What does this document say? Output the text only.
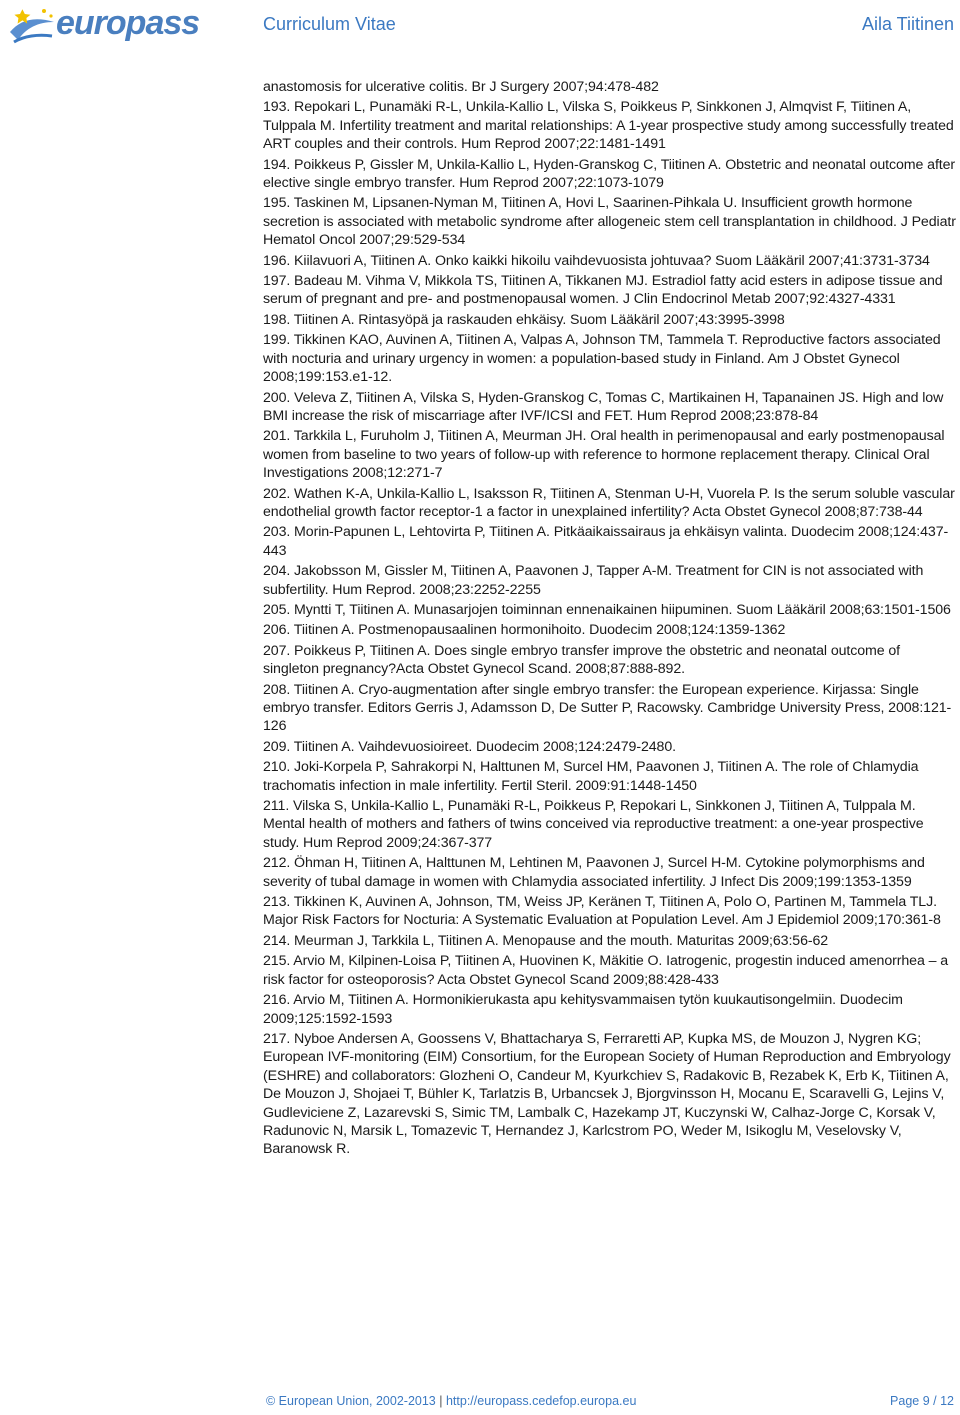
europass	Curriculum Vitae	Aila Tiitinen

anastomosis for ulcerative colitis. Br J Surgery 2007;94:478-482

193. Repokari L, Punamäki R-L, Unkila-Kallio L, Vilska S, Poikkeus P, Sinkkonen J, Almqvist F, Tiitinen A, Tulppala M. Infertility treatment and marital relationships: A 1-year prospective study among successfully treated ART couples and their controls. Hum Reprod 2007;22:1481-1491

194. Poikkeus P, Gissler M, Unkila-Kallio L, Hyden-Granskog C, Tiitinen A. Obstetric and neonatal outcome after elective single embryo transfer. Hum Reprod 2007;22:1073-1079

195. Taskinen M, Lipsanen-Nyman M, Tiitinen A, Hovi L, Saarinen-Pihkala U. Insufficient growth hormone secretion is associated with metabolic syndrome after allogeneic stem cell transplantation in childhood. J Pediatr Hematol Oncol 2007;29:529-534

196. Kiilavuori A, Tiitinen A. Onko kaikki hikoilu vaihdevuosista johtuvaa? Suom Lääkäril 2007;41:3731-3734

197. Badeau M. Vihma V, Mikkola TS, Tiitinen A, Tikkanen MJ. Estradiol fatty acid esters in adipose tissue and serum of pregnant and pre- and postmenopausal women. J Clin Endocrinol Metab 2007;92:4327-4331

198. Tiitinen A. Rintasyöpä ja raskauden ehkäisy. Suom Lääkäril 2007;43:3995-3998

199. Tikkinen KAO, Auvinen A, Tiitinen A, Valpas A, Johnson TM, Tammela T. Reproductive factors associated with nocturia and urinary urgency in women: a population-based study in Finland. Am J Obstet Gynecol 2008;199:153.e1-12.

200. Veleva Z, Tiitinen A, Vilska S, Hyden-Granskog C, Tomas C, Martikainen H, Tapanainen JS. High and low BMI increase the risk of miscarriage after IVF/ICSI and FET. Hum Reprod 2008;23:878-84

201. Tarkkila L, Furuholm J, Tiitinen A, Meurman JH. Oral health in perimenopausal and early postmenopausal women from baseline to two years of follow-up with reference to hormone replacement therapy. Clinical Oral Investigations 2008;12:271-7

202. Wathen K-A, Unkila-Kallio L, Isaksson R, Tiitinen A, Stenman U-H, Vuorela P. Is the serum soluble vascular endothelial growth factor receptor-1 a factor in unexplained infertility? Acta Obstet Gynecol 2008;87:738-44

203. Morin-Papunen L, Lehtovirta P, Tiitinen A. Pitkäaikaissairaus ja ehkäisyn valinta. Duodecim 2008;124:437-443

204. Jakobsson M, Gissler M, Tiitinen A, Paavonen J, Tapper A-M. Treatment for CIN is not associated with subfertility. Hum Reprod. 2008;23:2252-2255

205. Myntti T, Tiitinen A. Munasarjojen toiminnan ennenaikainen hiipuminen. Suom Lääkäril 2008;63:1501-1506

206. Tiitinen A. Postmenopausaalinen hormonihoito. Duodecim 2008;124:1359-1362

207. Poikkeus P, Tiitinen A. Does single embryo transfer improve the obstetric and neonatal outcome of singleton pregnancy?Acta Obstet Gynecol Scand. 2008;87:888-892.

208. Tiitinen A. Cryo-augmentation after single embryo transfer: the European experience. Kirjassa: Single embryo transfer. Editors Gerris J, Adamsson D, De Sutter P, Racowsky. Cambridge University Press, 2008:121-126

209. Tiitinen A. Vaihdevuosioireet. Duodecim 2008;124:2479-2480.

210. Joki-Korpela P, Sahrakorpi N, Halttunen M, Surcel HM, Paavonen J, Tiitinen A. The role of Chlamydia trachomatis infection in male infertility. Fertil Steril. 2009:91:1448-1450

211. Vilska S, Unkila-Kallio L, Punamäki R-L, Poikkeus P, Repokari L, Sinkkonen J, Tiitinen A, Tulppala M. Mental health of mothers and fathers of twins conceived via reproductive treatment: a one-year prospective study. Hum Reprod 2009;24:367-377

212. Öhman H, Tiitinen A, Halttunen M, Lehtinen M, Paavonen J, Surcel H-M. Cytokine polymorphisms and severity of tubal damage in women with Chlamydia associated infertility. J Infect Dis 2009;199:1353-1359

213. Tikkinen K, Auvinen A, Johnson, TM, Weiss JP, Keränen T, Tiitinen A, Polo O, Partinen M, Tammela TLJ. Major Risk Factors for Nocturia: A Systematic Evaluation at Population Level. Am J Epidemiol 2009;170:361-8

214. Meurman J, Tarkkila L, Tiitinen A. Menopause and the mouth. Maturitas 2009;63:56-62

215. Arvio M, Kilpinen-Loisa P, Tiitinen A, Huovinen K, Mäkitie O. Iatrogenic, progestin induced amenorrhea – a risk factor for osteoporosis? Acta Obstet Gynecol Scand 2009;88:428-433

216. Arvio M, Tiitinen A. Hormonikierukasta apu kehitysvammaisen tytön kuukautisongelmiin. Duodecim 2009;125:1592-1593

217. Nyboe Andersen A, Goossens V, Bhattacharya S, Ferraretti AP, Kupka MS, de Mouzon J, Nygren KG; European IVF-monitoring (EIM) Consortium, for the European Society of Human Reproduction and Embryology (ESHRE) and collaborators: Glozheni O, Candeur M, Kyurkchiev S, Radakovic B, Rezabek K, Erb K, Tiitinen A, De Mouzon J, Shojaei T, Bühler K, Tarlatzis B, Urbancsek J, Bjorgvinsson H, Mocanu E, Scaravelli G, Lejins V, Gudleviciene Z, Lazarevski S, Simic TM, Lambalk C, Hazekamp JT, Kuczynski W, Calhaz-Jorge C, Korsak V, Radunovic N, Marsik L, Tomazevic T, Hernandez J, Karlcstrom PO, Weder M, Isikoglu M, Veselovsky V, Baranowsk R.

© European Union, 2002-2013 | http://europass.cedefop.europa.eu	Page 9 / 12
